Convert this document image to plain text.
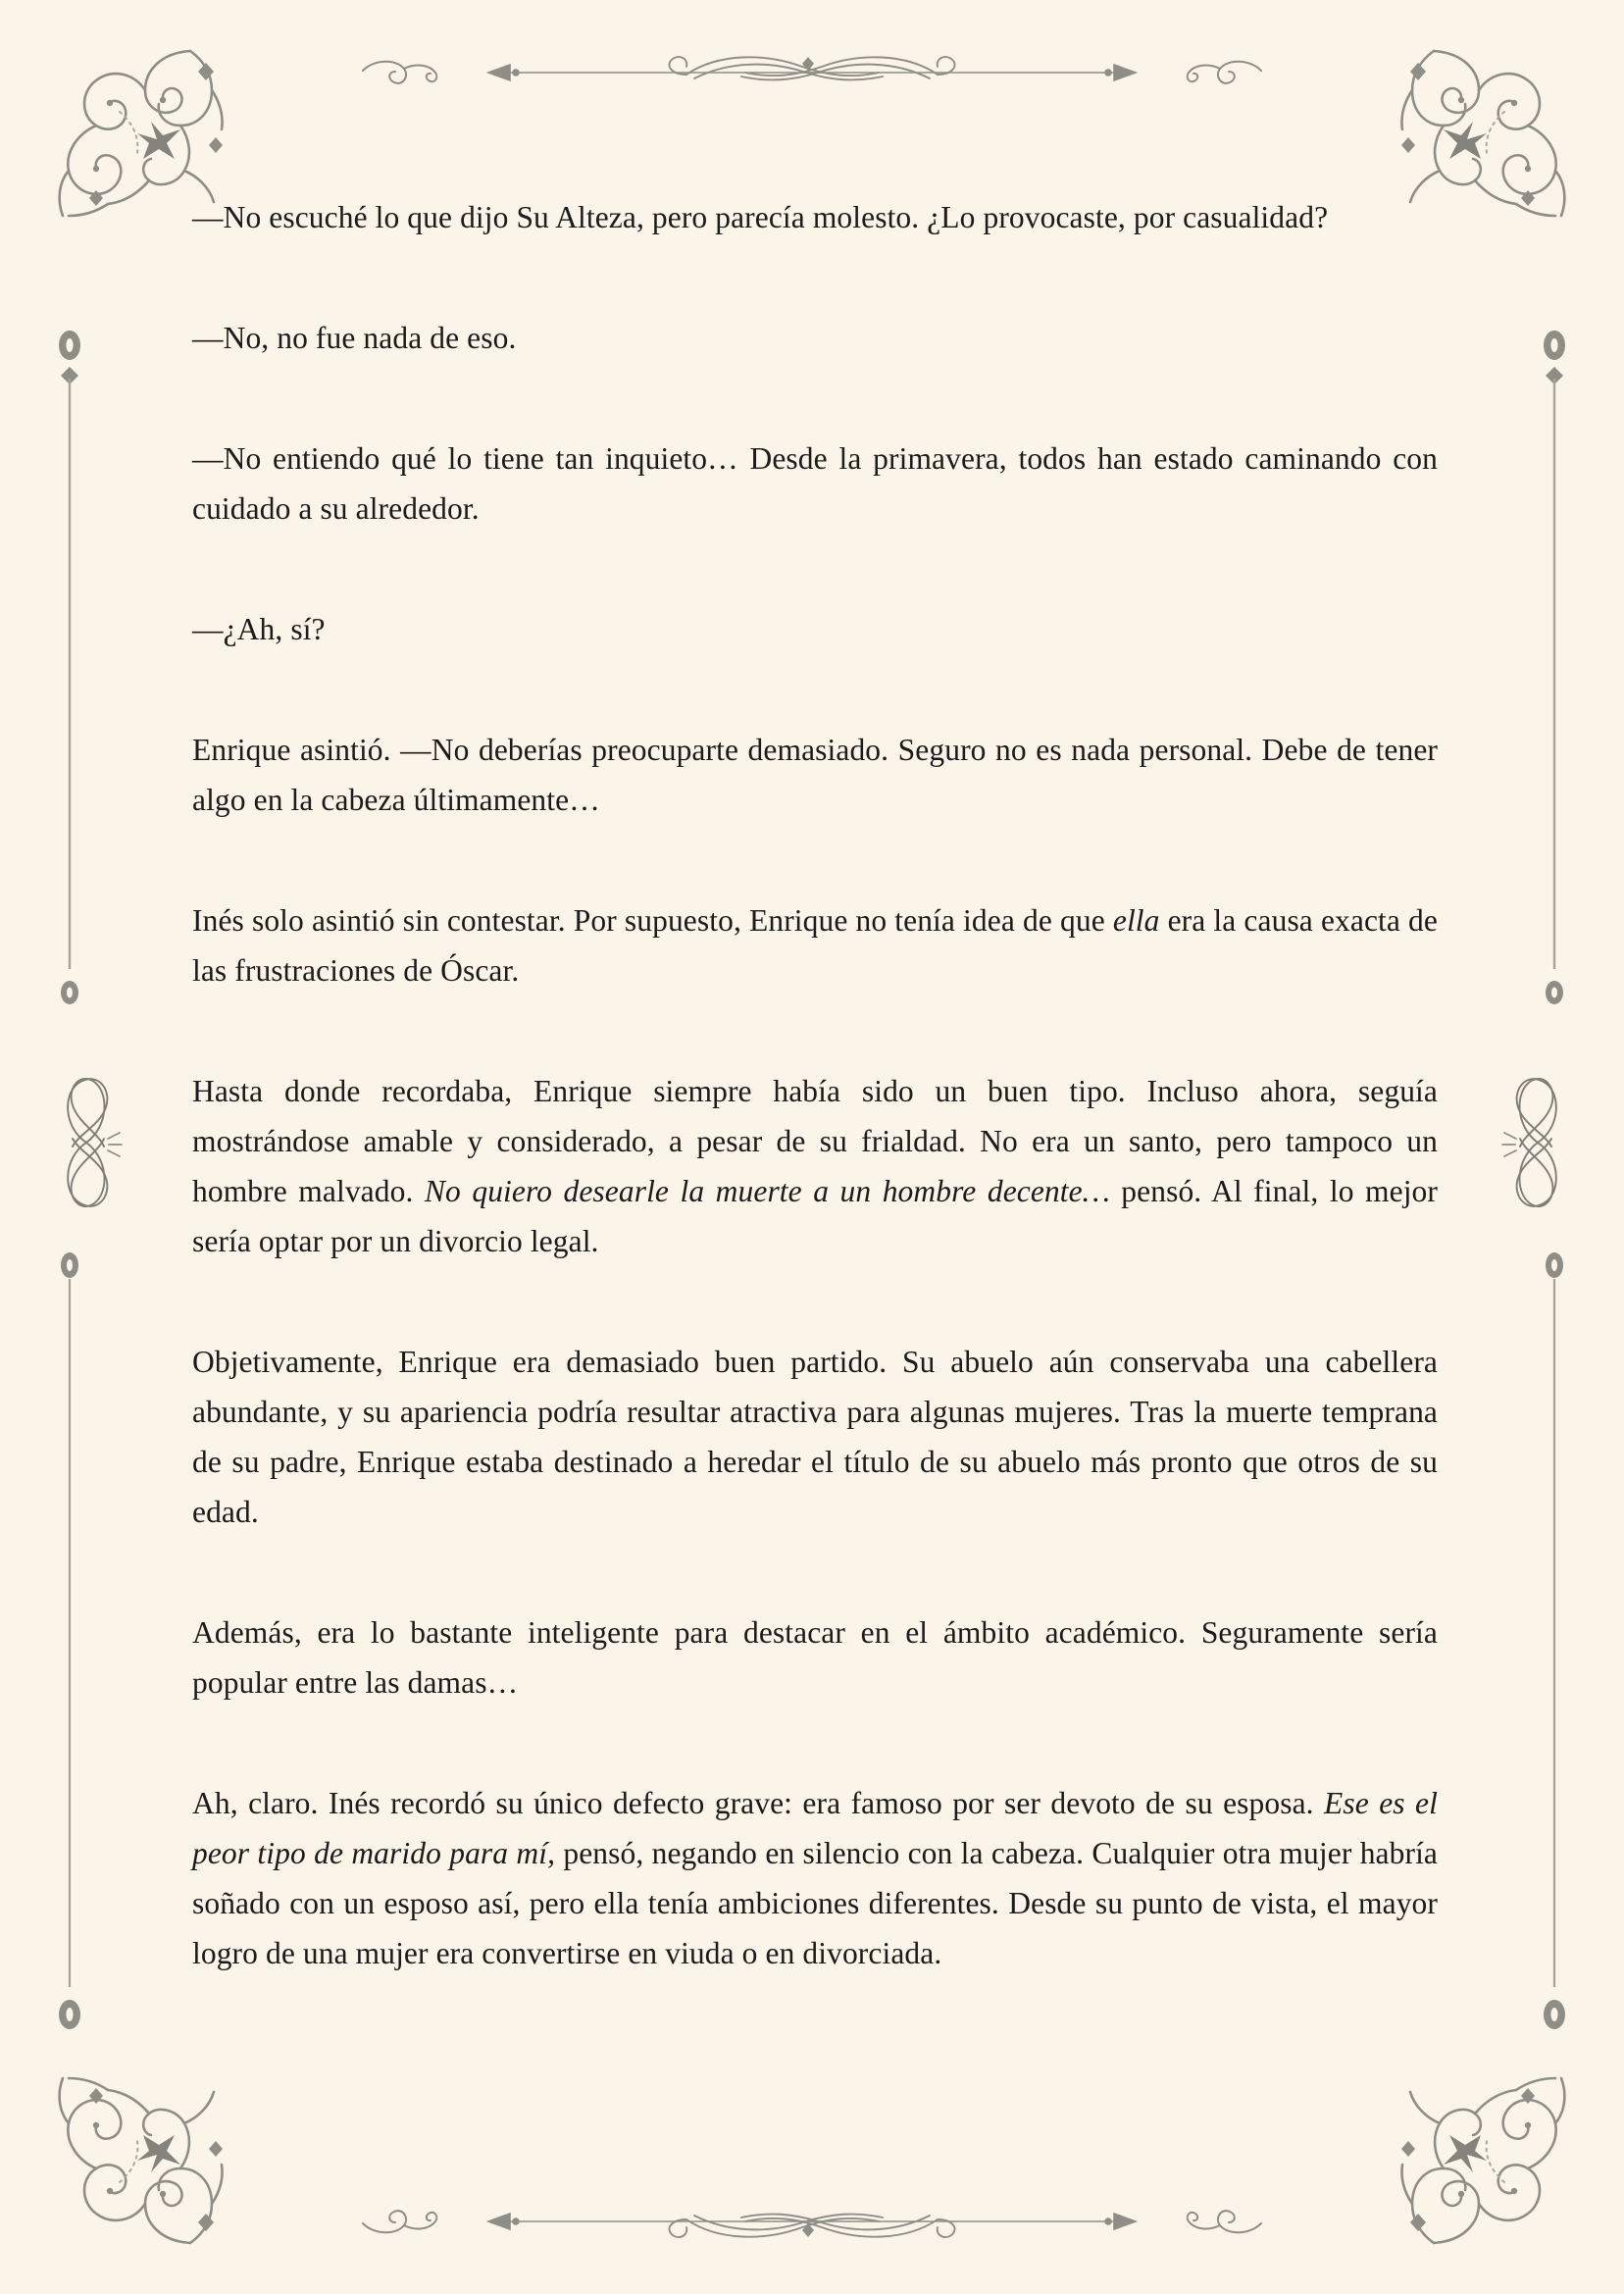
—No escuché lo que dijo Su Alteza, pero parecía molesto. ¿Lo provocaste, por casualidad?

—No, no fue nada de eso.

—No entiendo qué lo tiene tan inquieto… Desde la primavera, todos han estado caminando con cuidado a su alrededor.

—¿Ah, sí?

Enrique asintió. —No deberías preocuparte demasiado. Seguro no es nada personal. Debe de tener algo en la cabeza últimamente…

Inés solo asintió sin contestar. Por supuesto, Enrique no tenía idea de que ella era la causa exacta de las frustraciones de Óscar.

Hasta donde recordaba, Enrique siempre había sido un buen tipo. Incluso ahora, seguía mostrándose amable y considerado, a pesar de su frialdad. No era un santo, pero tampoco un hombre malvado. No quiero desearle la muerte a un hombre decente… pensó. Al final, lo mejor sería optar por un divorcio legal.

Objetivamente, Enrique era demasiado buen partido. Su abuelo aún conservaba una cabellera abundante, y su apariencia podría resultar atractiva para algunas mujeres. Tras la muerte temprana de su padre, Enrique estaba destinado a heredar el título de su abuelo más pronto que otros de su edad.

Además, era lo bastante inteligente para destacar en el ámbito académico. Seguramente sería popular entre las damas…

Ah, claro. Inés recordó su único defecto grave: era famoso por ser devoto de su esposa. Ese es el peor tipo de marido para mí, pensó, negando en silencio con la cabeza. Cualquier otra mujer habría soñado con un esposo así, pero ella tenía ambiciones diferentes. Desde su punto de vista, el mayor logro de una mujer era convertirse en viuda o en divorciada.
